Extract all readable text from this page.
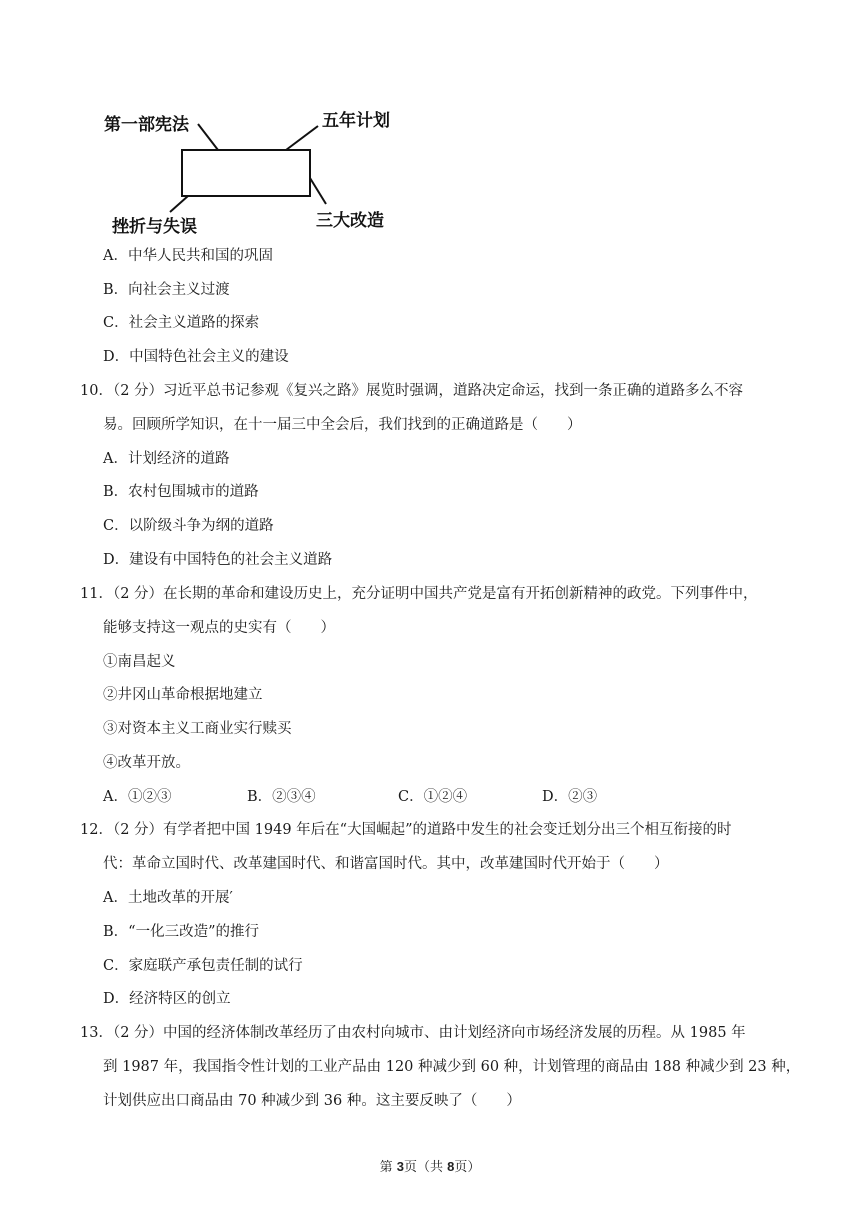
第一部宪法	五年计划
挫折与失误	三大改造
A．中华人民共和国的巩固
B．向社会主义过渡
C．社会主义道路的探索
D．中国特色社会主义的建设
10．（2 分）习近平总书记参观《复兴之路》展览时强调，道路决定命运，找到一条正确的道路多么不容
易。回顾所学知识，在十一届三中全会后，我们找到的正确道路是（　　）
A．计划经济的道路
B．农村包围城市的道路
C．以阶级斗争为纲的道路
D．建设有中国特色的社会主义道路
11．（2 分）在长期的革命和建设历史上，充分证明中国共产党是富有开拓创新精神的政党。下列事件中，
能够支持这一观点的史实有（　　）
①南昌起义
②井冈山革命根据地建立
③对资本主义工商业实行赎买
④改革开放。
A．①②③	B．②③④	C．①②④	D．②③
12．（2 分）有学者把中国 1949 年后在“大国崛起”的道路中发生的社会变迁划分出三个相互衔接的时
代：革命立国时代、改革建国时代、和谐富国时代。其中，改革建国时代开始于（　　）
A．土地改革的开展′
B．“一化三改造”的推行
C．家庭联产承包责任制的试行
D．经济特区的创立
13．（2 分）中国的经济体制改革经历了由农村向城市、由计划经济向市场经济发展的历程。从 1985 年
到 1987 年，我国指令性计划的工业产品由 120 种减少到 60 种，计划管理的商品由 188 种减少到 23 种，
计划供应出口商品由 70 种减少到 36 种。这主要反映了（　　）
第 3页（共 8页）
